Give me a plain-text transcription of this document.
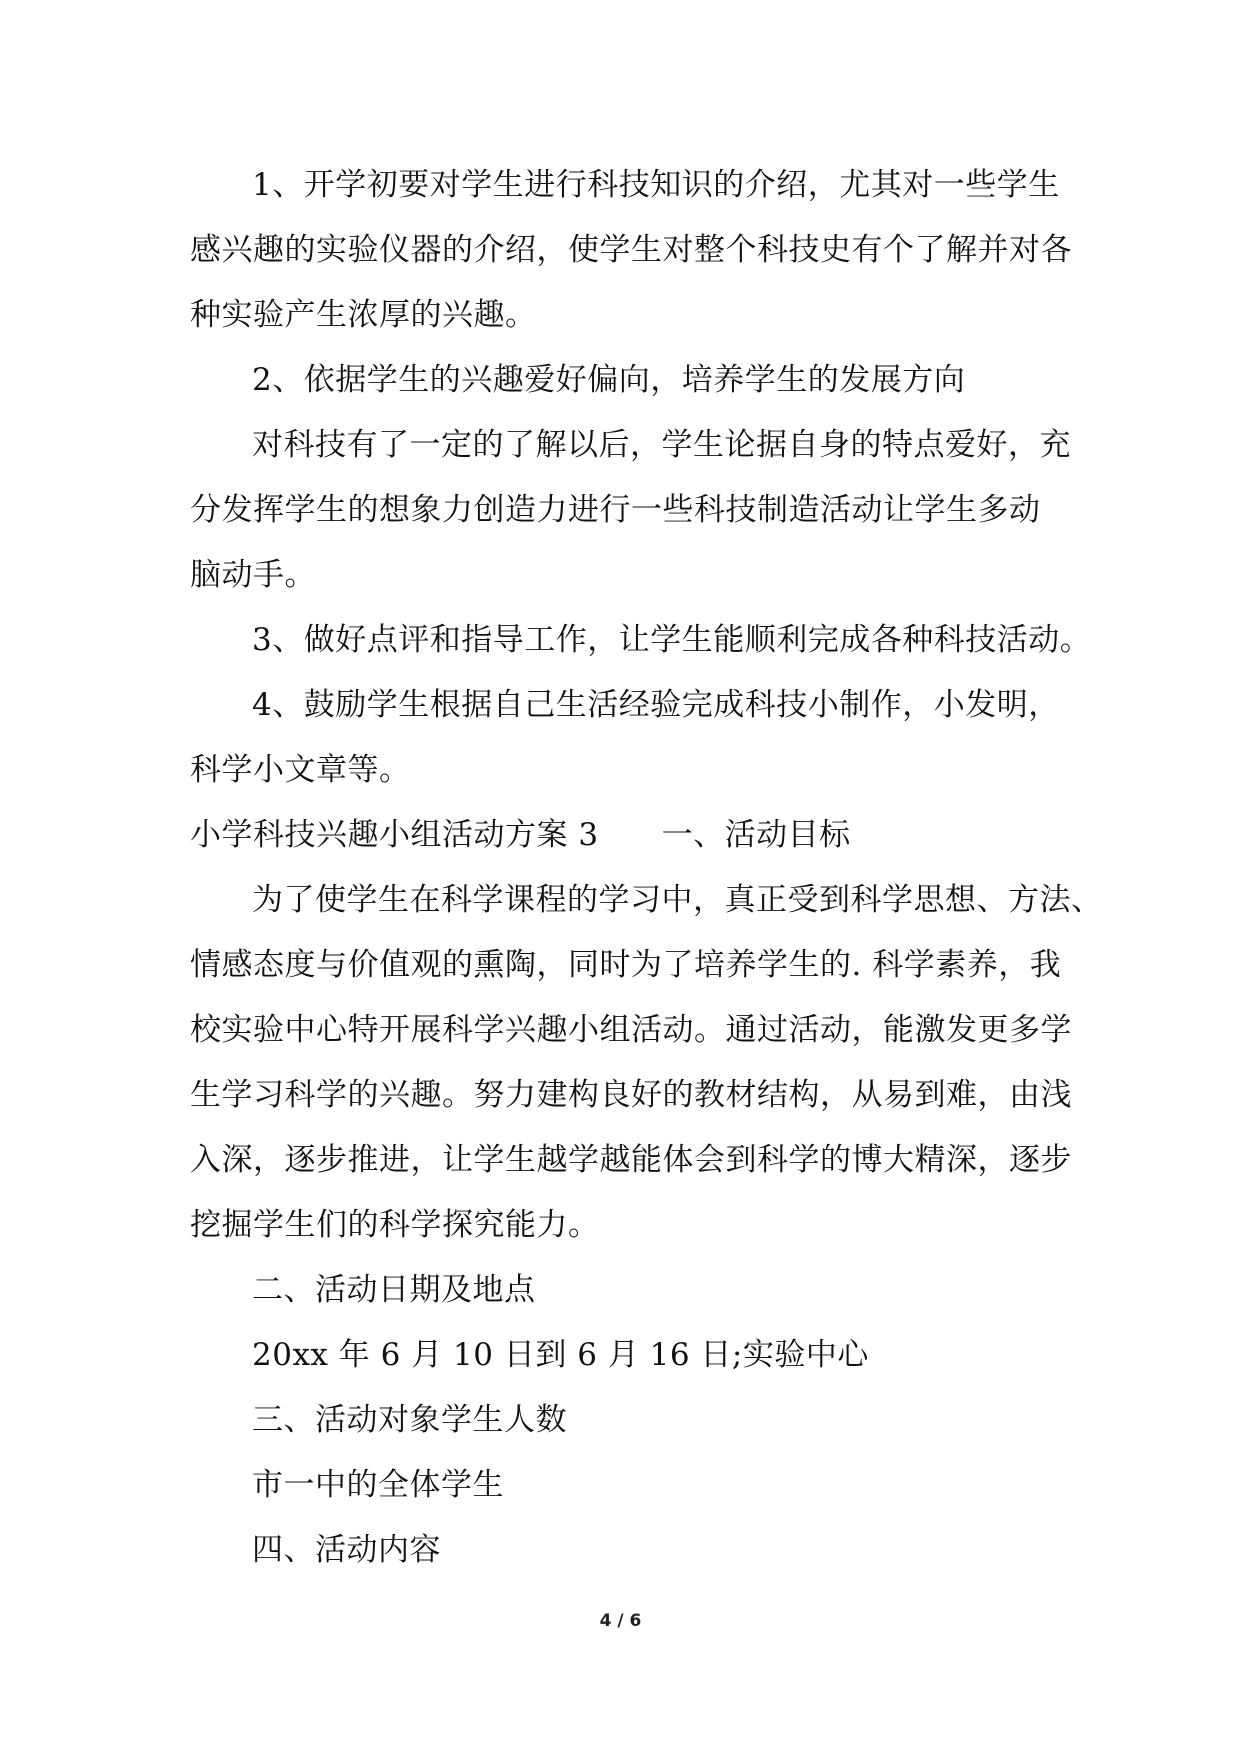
1、开学初要对学生进行科技知识的介绍，尤其对一些学生
感兴趣的实验仪器的介绍，使学生对整个科技史有个了解并对各
种实验产生浓厚的兴趣。
2、依据学生的兴趣爱好偏向，培养学生的发展方向
对科技有了一定的了解以后，学生论据自身的特点爱好，充
分发挥学生的想象力创造力进行一些科技制造活动让学生多动
脑动手。
3、做好点评和指导工作，让学生能顺利完成各种科技活动。
4、鼓励学生根据自己生活经验完成科技小制作，小发明，
科学小文章等。
小学科技兴趣小组活动方案 3　　一、活动目标
为了使学生在科学课程的学习中，真正受到科学思想、方法、
情感态度与价值观的熏陶，同时为了培养学生的. 科学素养，我
校实验中心特开展科学兴趣小组活动。通过活动，能激发更多学
生学习科学的兴趣。努力建构良好的教材结构，从易到难，由浅
入深，逐步推进，让学生越学越能体会到科学的博大精深，逐步
挖掘学生们的科学探究能力。
二、活动日期及地点
20xx 年 6 月 10 日到 6 月 16 日;实验中心
三、活动对象学生人数
市一中的全体学生
四、活动内容
4 / 6
